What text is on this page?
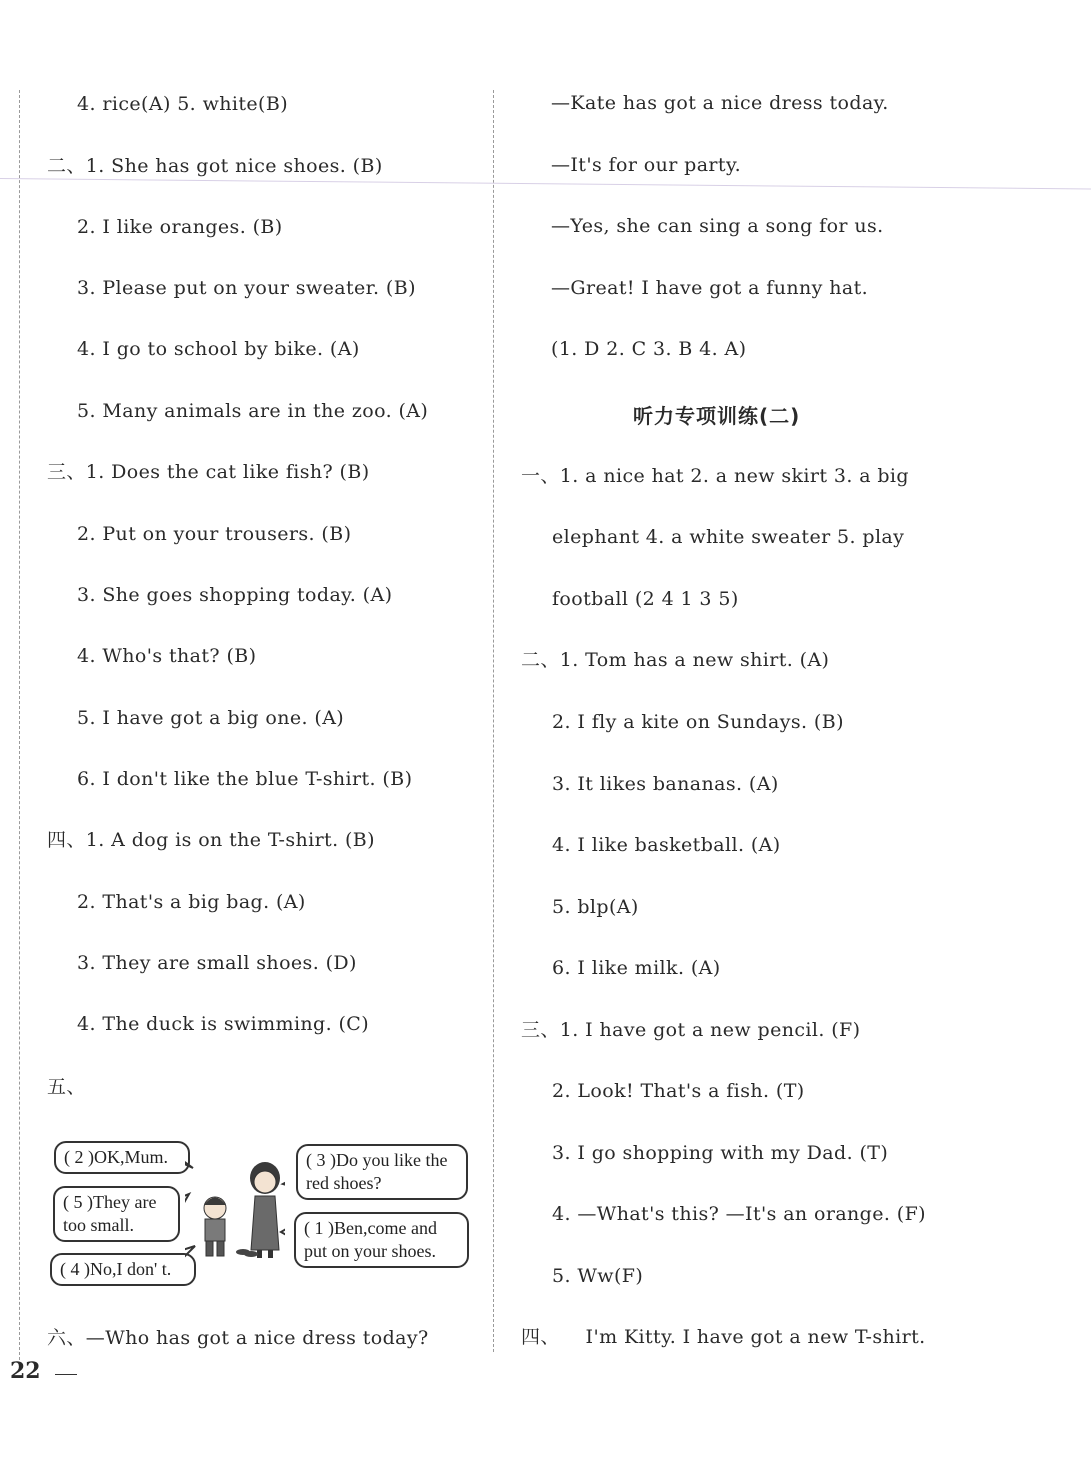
4. rice(A) 5. white(B)
二、1. She has got nice shoes. (B)
2. I like oranges. (B)
3. Please put on your sweater. (B)
4. I go to school by bike. (A)
5. Many animals are in the zoo. (A)
三、1. Does the cat like fish? (B)
2. Put on your trousers. (B)
3. She goes shopping today. (A)
4. Who's that? (B)
5. I have got a big one. (A)
6. I don't like the blue T-shirt. (B)
四、1. A dog is on the T-shirt. (B)
2. That's a big bag. (A)
3. They are small shoes. (D)
4. The duck is swimming. (C)
五、
( 2 )OK,Mum.
( 5 )They are too small.
( 4 )No,I don' t.
( 3 )Do you like the red shoes?
( 1 )Ben,come and put on your shoes.
六、—Who has got a nice dress today?
—Kate has got a nice dress today.
—It's for our party.
—Yes, she can sing a song for us.
—Great! I have got a funny hat.
(1. D 2. C 3. B 4. A)
听力专项训练(二)
一、1. a nice hat 2. a new skirt 3. a big
elephant 4. a white sweater 5. play
football (2 4 1 3 5)
二、1. Tom has a new shirt. (A)
2. I fly a kite on Sundays. (B)
3. It likes bananas. (A)
4. I like basketball. (A)
5. blp(A)
6. I like milk. (A)
三、1. I have got a new pencil. (F)
2. Look! That's a fish. (T)
3. I go shopping with my Dad. (T)
4. —What's this? —It's an orange. (F)
5. Ww(F)
四、    I'm Kitty. I have got a new T-shirt.
22
